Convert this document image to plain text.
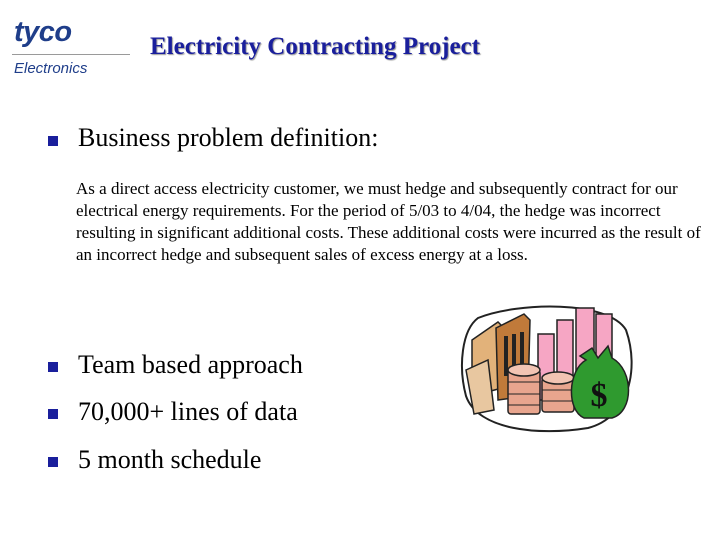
tyco
Electronics
Electricity Contracting Project
Business problem definition:
As a direct access electricity customer, we must hedge and subsequently contract for our electrical energy requirements. For the period of 5/03 to 4/04, the hedge was incorrect resulting in significant additional costs. These additional costs were incurred as the result of an incorrect hedge and subsequent sales of excess energy at a loss.
Team based approach
70,000+ lines of data
5 month schedule
$
